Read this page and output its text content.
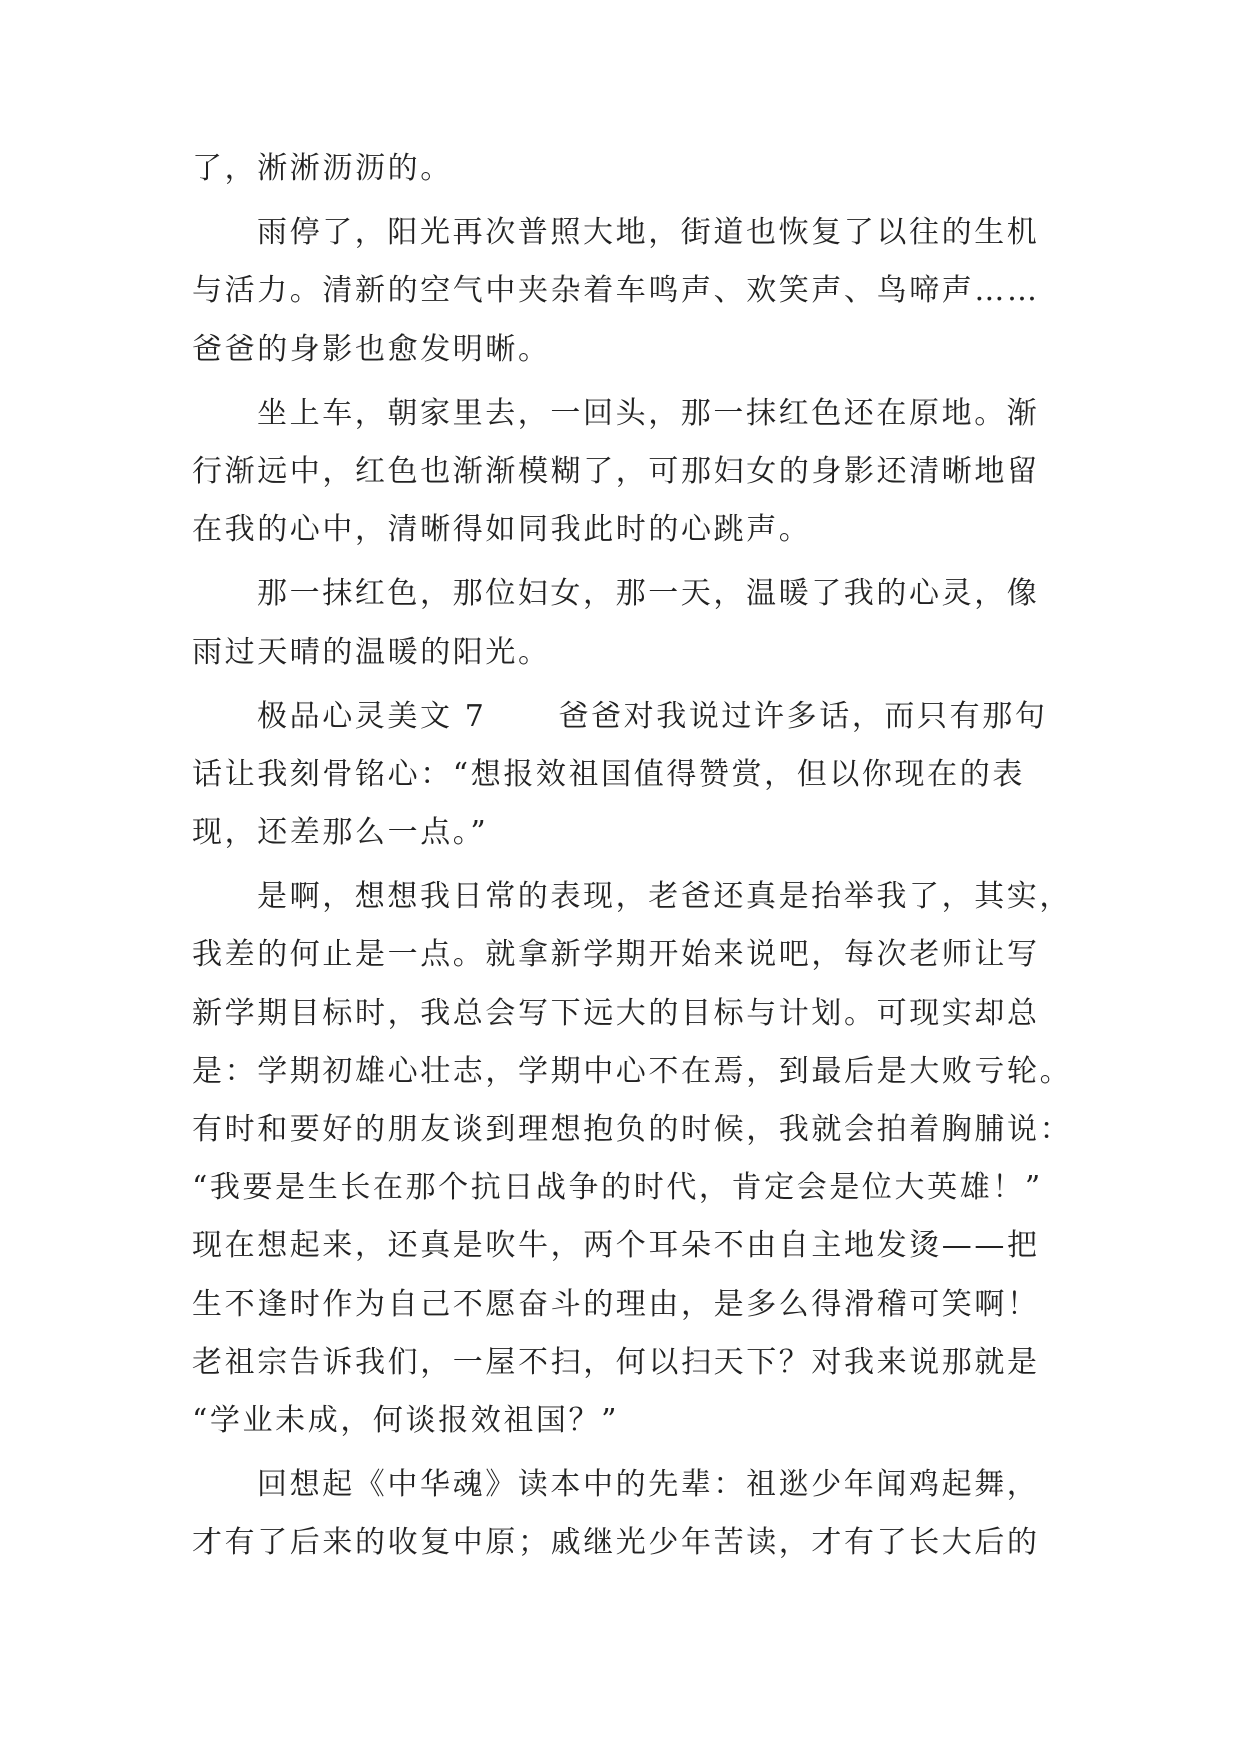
了，淅淅沥沥的。
雨停了，阳光再次普照大地，街道也恢复了以往的生机
与活力。清新的空气中夹杂着车鸣声、欢笑声、鸟啼声……
爸爸的身影也愈发明晰。
坐上车，朝家里去，一回头，那一抹红色还在原地。渐
行渐远中，红色也渐渐模糊了，可那妇女的身影还清晰地留
在我的心中，清晰得如同我此时的心跳声。
那一抹红色，那位妇女，那一天，温暖了我的心灵，像
雨过天晴的温暖的阳光。
极品心灵美文 7 爸爸对我说过许多话，而只有那句
话让我刻骨铭心：“想报效祖国值得赞赏，但以你现在的表
现，还差那么一点。”
是啊，想想我日常的表现，老爸还真是抬举我了，其实，
我差的何止是一点。就拿新学期开始来说吧，每次老师让写
新学期目标时，我总会写下远大的目标与计划。可现实却总
是：学期初雄心壮志，学期中心不在焉，到最后是大败亏轮。
有时和要好的朋友谈到理想抱负的时候，我就会拍着胸脯说：
“我要是生长在那个抗日战争的时代，肯定会是位大英雄！”
现在想起来，还真是吹牛，两个耳朵不由自主地发烫——把
生不逢时作为自己不愿奋斗的理由，是多么得滑稽可笑啊！
老祖宗告诉我们，一屋不扫，何以扫天下？对我来说那就是
“学业未成，何谈报效祖国？”
回想起《中华魂》读本中的先辈：祖逖少年闻鸡起舞，
才有了后来的收复中原；戚继光少年苦读，才有了长大后的
